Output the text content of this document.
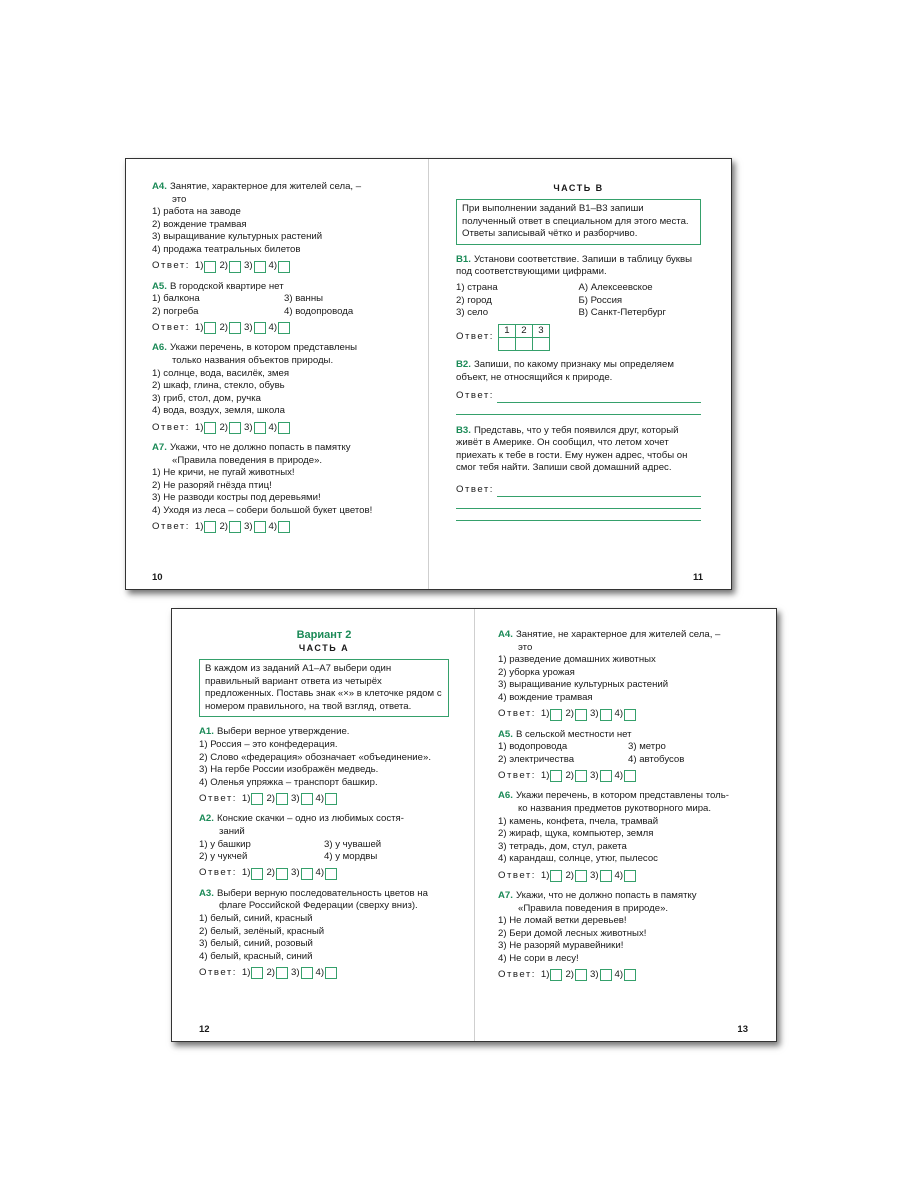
А4. Занятие, характерное для жителей села, –
это
1) работа на заводе
2) вождение трамвая
3) выращивание культурных растений
4) продажа театральных билетов
Ответ: 1) 2) 3) 4)
А5. В городской квартире нет
1) балкона	3) ванны
2) погреба	4) водопровода
Ответ: 1) 2) 3) 4)
А6. Укажи перечень, в котором представлены
только названия объектов природы.
1) солнце, вода, василёк, змея
2) шкаф, глина, стекло, обувь
3) гриб, стол, дом, ручка
4) вода, воздух, земля, школа
Ответ: 1) 2) 3) 4)
А7. Укажи, что не должно попасть в памятку
«Правила поведения в природе».
1) Не кричи, не пугай животных!
2) Не разоряй гнёзда птиц!
3) Не разводи костры под деревьями!
4) Уходя из леса – собери большой букет цветов!
Ответ: 1) 2) 3) 4)
10
ЧАСТЬ В
При выполнении заданий В1–В3 запиши полученный ответ в специальном для этого места. Ответы записывай чётко и разборчиво.
В1. Установи соответствие. Запиши в таблицу буквы под соответствующими цифрами.
1) страна	А) Алексеевское
2) город	Б) Россия
3) село	В) Санкт-Петербург
Ответ:
1	2	3

В2. Запиши, по какому признаку мы определяем объект, не относящийся к природе.
Ответ:
В3. Представь, что у тебя появился друг, который живёт в Америке. Он сообщил, что летом хочет приехать к тебе в гости. Ему нужен адрес, чтобы он смог тебя найти. Запиши свой домашний адрес.
Ответ:
11
Вариант 2
ЧАСТЬ А
В каждом из заданий А1–А7 выбери один правильный вариант ответа из четырёх предложенных. Поставь знак «×» в клеточке рядом с номером правильного, на твой взгляд, ответа.
А1. Выбери верное утверждение.
1) Россия – это конфедерация.
2) Слово «федерация» обозначает «объединение».
3) На гербе России изображён медведь.
4) Оленья упряжка – транспорт башкир.
Ответ: 1) 2) 3) 4)
А2. Конские скачки – одно из любимых состя-
заний
1) у башкир	3) у чувашей
2) у чукчей	4) у мордвы
Ответ: 1) 2) 3) 4)
А3. Выбери верную последовательность цветов на
флаге Российской Федерации (сверху вниз).
1) белый, синий, красный
2) белый, зелёный, красный
3) белый, синий, розовый
4) белый, красный, синий
Ответ: 1) 2) 3) 4)
12
А4. Занятие, не характерное для жителей села, –
это
1) разведение домашних животных
2) уборка урожая
3) выращивание культурных растений
4) вождение трамвая
Ответ: 1) 2) 3) 4)
А5. В сельской местности нет
1) водопровода	3) метро
2) электричества	4) автобусов
Ответ: 1) 2) 3) 4)
А6. Укажи перечень, в котором представлены толь-
ко названия предметов рукотворного мира.
1) камень, конфета, пчела, трамвай
2) жираф, щука, компьютер, земля
3) тетрадь, дом, стул, ракета
4) карандаш, солнце, утюг, пылесос
Ответ: 1) 2) 3) 4)
А7. Укажи, что не должно попасть в памятку
«Правила поведения в природе».
1) Не ломай ветки деревьев!
2) Бери домой лесных животных!
3) Не разоряй муравейники!
4) Не сори в лесу!
Ответ: 1) 2) 3) 4)
13
